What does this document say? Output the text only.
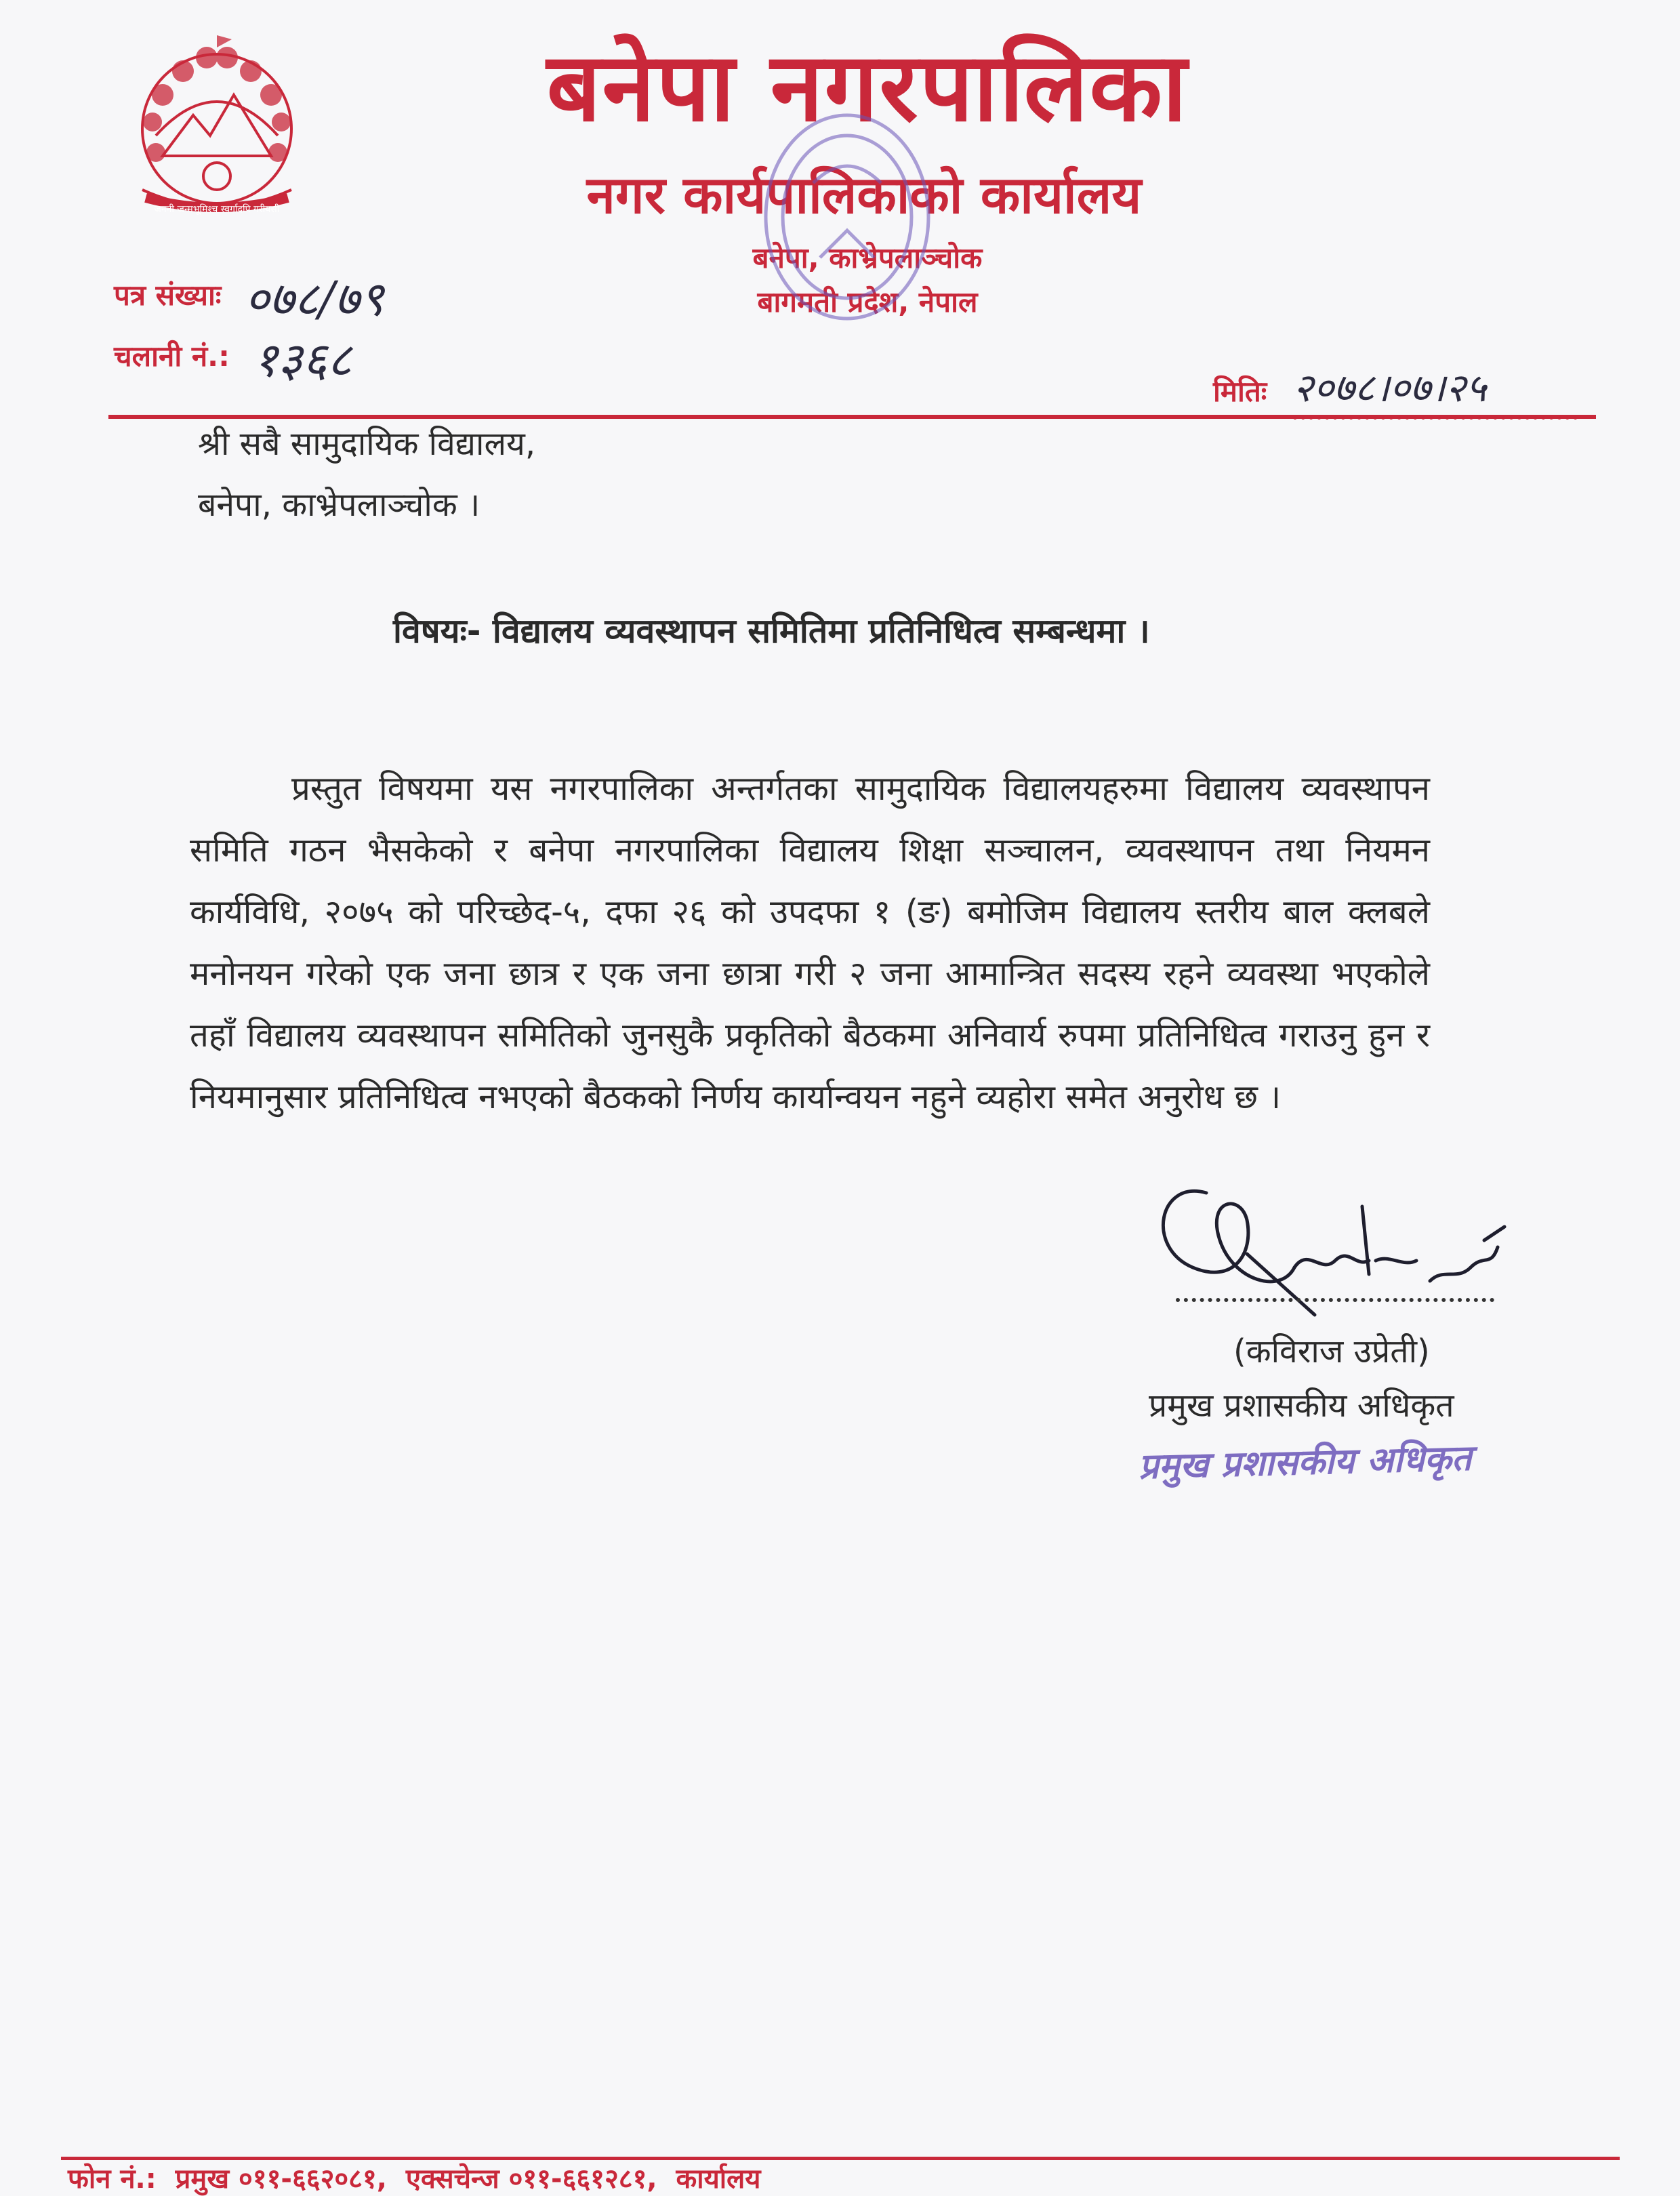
जननी जन्मभूमिश्च स्वर्गादपि गरीयसी
बनेपा नगरपालिका
नगर कार्यपालिकाको कार्यालय
बनेपा, काभ्रेपलाञ्चोक
बागमती प्रदेश, नेपाल
पत्र संख्याः ०७८/७९
चलानी नं.: १३६८
मितिः २०७८।०७।२५
श्री सबै सामुदायिक विद्यालय,
बनेपा, काभ्रेपलाञ्चोक ।
विषयः- विद्यालय व्यवस्थापन समितिमा प्रतिनिधित्व सम्बन्धमा ।
प्रस्तुत विषयमा यस नगरपालिका अन्तर्गतका सामुदायिक विद्यालयहरुमा विद्यालय व्यवस्थापन समिति गठन भैसकेको र बनेपा नगरपालिका विद्यालय शिक्षा सञ्चालन, व्यवस्थापन तथा नियमन कार्यविधि, २०७५ को परिच्छेद-५, दफा २६ को उपदफा १ (ङ) बमोजिम विद्यालय स्तरीय बाल क्लबले मनोनयन गरेको एक जना छात्र र एक जना छात्रा गरी २ जना आमान्त्रित सदस्य रहने व्यवस्था भएकोले तहाँ विद्यालय व्यवस्थापन समितिको जुनसुकै प्रकृतिको बैठकमा अनिवार्य रुपमा प्रतिनिधित्व गराउनु हुन र नियमानुसार प्रतिनिधित्व नभएको बैठकको निर्णय कार्यान्वयन नहुने व्यहोरा समेत अनुरोध छ ।
(कविराज उप्रेती)
प्रमुख प्रशासकीय अधिकृत
प्रमुख प्रशासकीय अधिकृत
फोन नं.: प्रमुख ०११-६६२०८१, एक्सचेन्ज ०११-६६१२८१, कार्यालय
